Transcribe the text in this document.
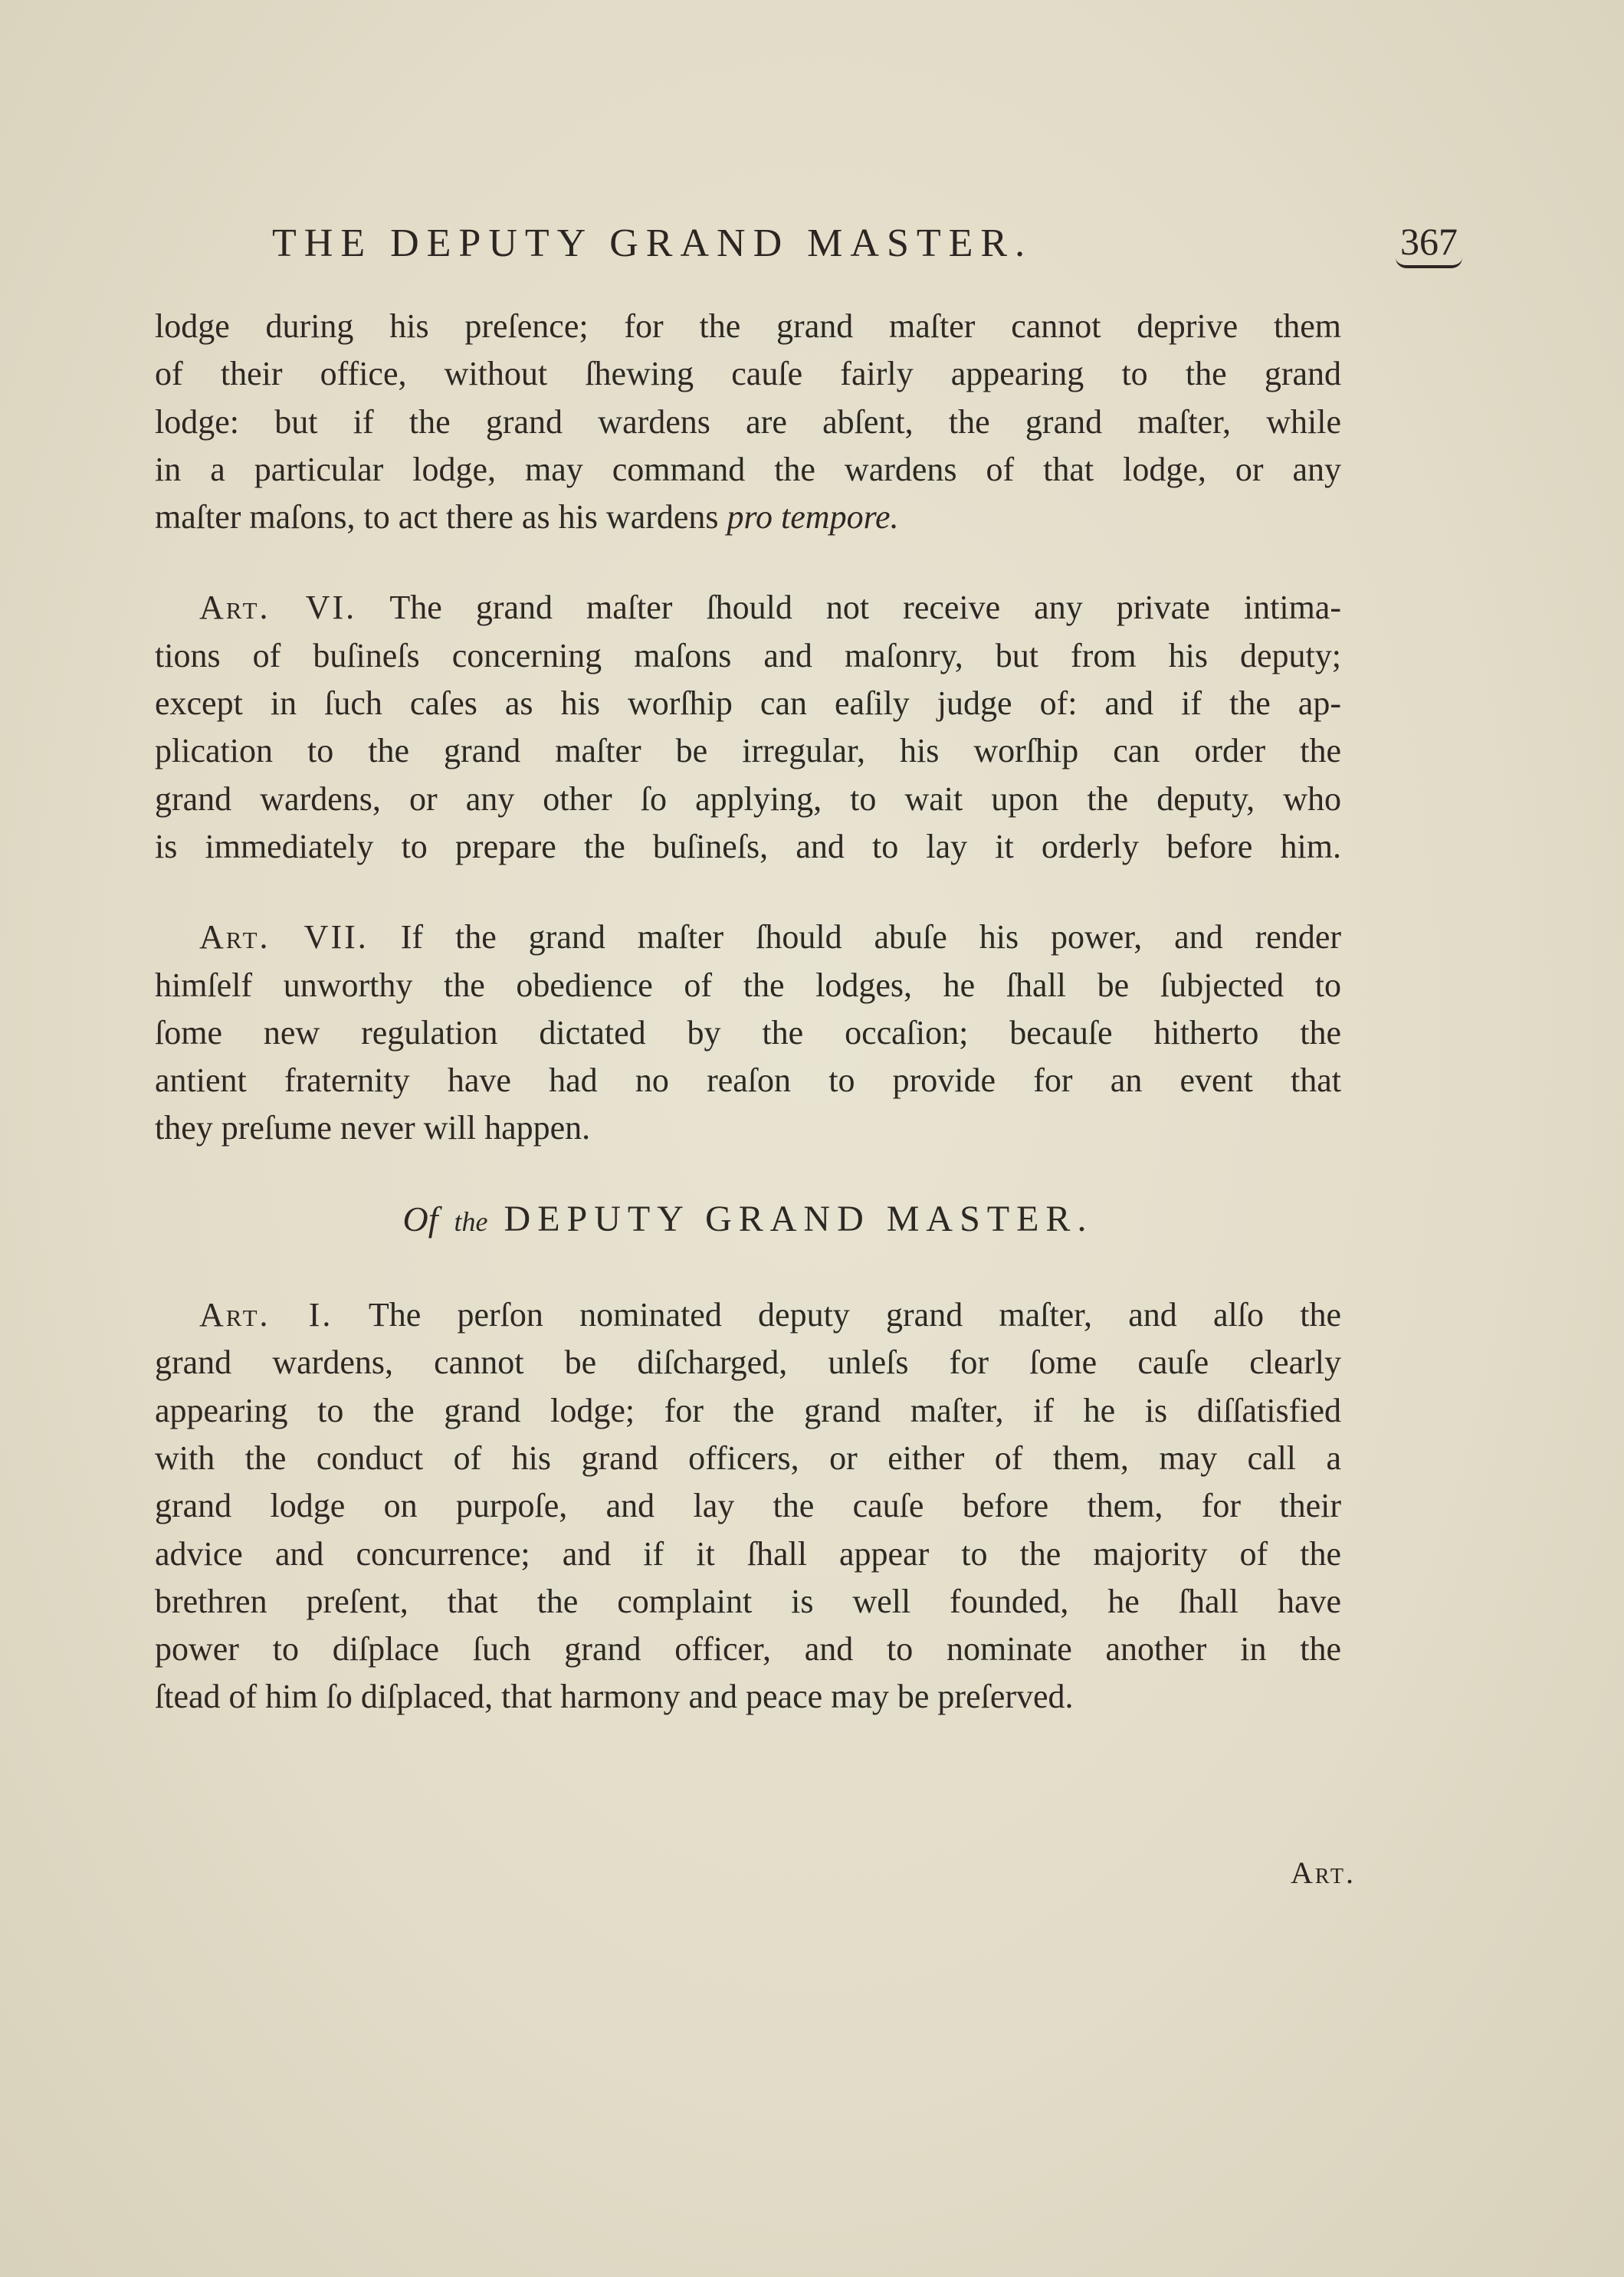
THE DEPUTY GRAND MASTER.	367

lodge during his preſence; for the grand maſter cannot deprive them
of their office, without ſhewing cauſe fairly appearing to the grand
lodge: but if the grand wardens are abſent, the grand maſter, while
in a particular lodge, may command the wardens of that lodge, or any
maſter maſons, to act there as his wardens pro tempore.

Art. VI. The grand maſter ſhould not receive any private intima-
tions of buſineſs concerning maſons and maſonry, but from his deputy;
except in ſuch caſes as his worſhip can eaſily judge of: and if the ap-
plication to the grand maſter be irregular, his worſhip can order the
grand wardens, or any other ſo applying, to wait upon the deputy, who
is immediately to prepare the buſineſs, and to lay it orderly before him.

Art. VII. If the grand maſter ſhould abuſe his power, and render
himſelf unworthy the obedience of the lodges, he ſhall be ſubjected to
ſome new regulation dictated by the occaſion; becauſe hitherto the
antient fraternity have had no reaſon to provide for an event that
they preſume never will happen.

Of the DEPUTY GRAND MASTER.

Art. I. The perſon nominated deputy grand maſter, and alſo the
grand wardens, cannot be diſcharged, unleſs for ſome cauſe clearly
appearing to the grand lodge; for the grand maſter, if he is diſſatisfied
with the conduct of his grand officers, or either of them, may call a
grand lodge on purpoſe, and lay the cauſe before them, for their
advice and concurrence; and if it ſhall appear to the majority of the
brethren preſent, that the complaint is well founded, he ſhall have
power to diſplace ſuch grand officer, and to nominate another in the
ſtead of him ſo diſplaced, that harmony and peace may be preſerved.

Art.
